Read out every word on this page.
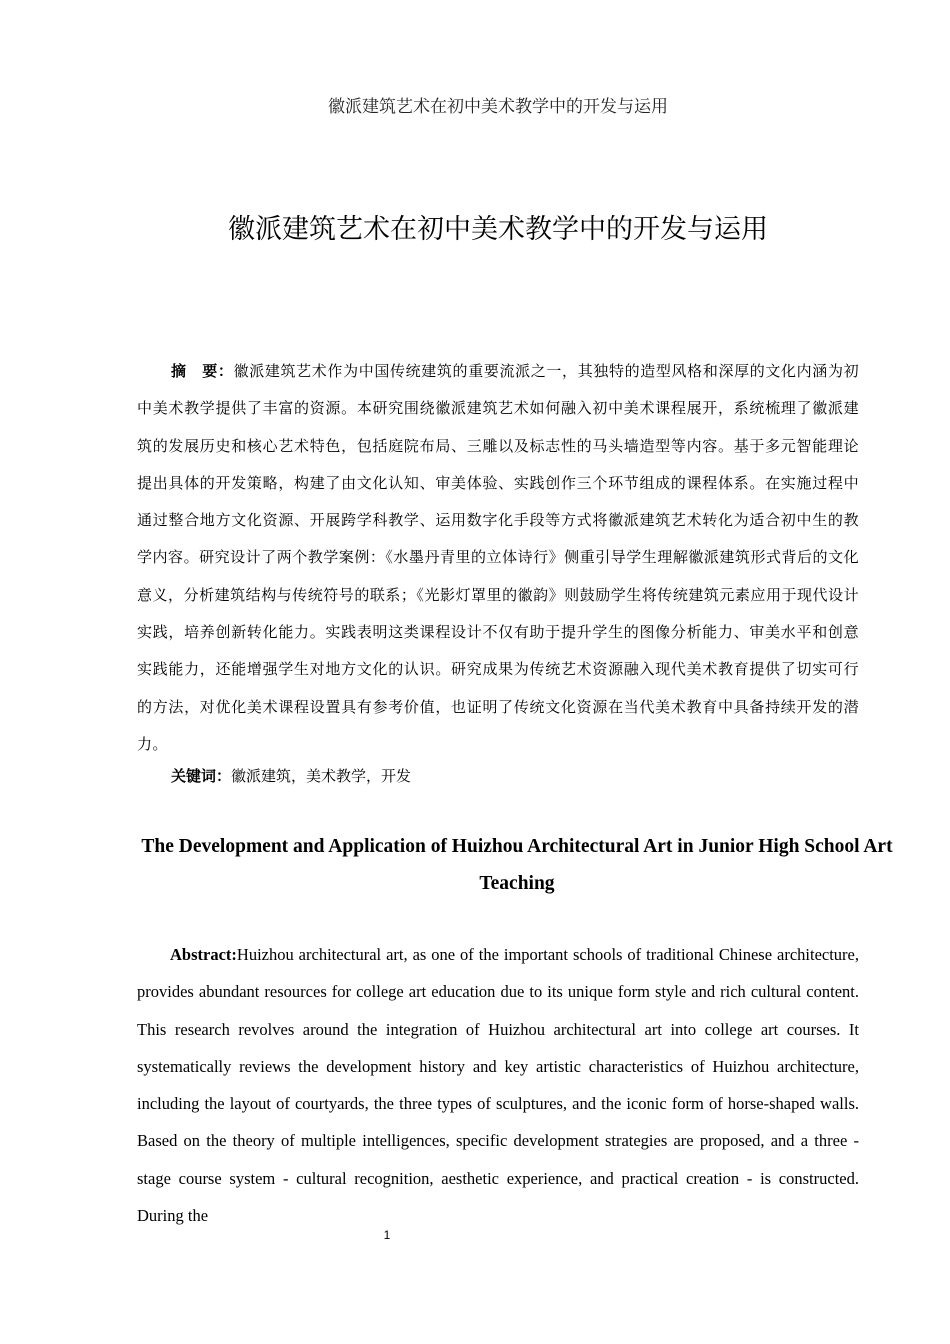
徽派建筑艺术在初中美术教学中的开发与运用
徽派建筑艺术在初中美术教学中的开发与运用

摘　要：徽派建筑艺术作为中国传统建筑的重要流派之一，其独特的造型风格和深厚的文化内涵为初中美术教学提供了丰富的资源。本研究围绕徽派建筑艺术如何融入初中美术课程展开，系统梳理了徽派建筑的发展历史和核心艺术特色，包括庭院布局、三雕以及标志性的马头墙造型等内容。基于多元智能理论提出具体的开发策略，构建了由文化认知、审美体验、实践创作三个环节组成的课程体系。在实施过程中通过整合地方文化资源、开展跨学科教学、运用数字化手段等方式将徽派建筑艺术转化为适合初中生的教学内容。研究设计了两个教学案例：《水墨丹青里的立体诗行》侧重引导学生理解徽派建筑形式背后的文化意义，分析建筑结构与传统符号的联系；《光影灯罩里的徽韵》则鼓励学生将传统建筑元素应用于现代设计实践，培养创新转化能力。实践表明这类课程设计不仅有助于提升学生的图像分析能力、审美水平和创意实践能力，还能增强学生对地方文化的认识。研究成果为传统艺术资源融入现代美术教育提供了切实可行的方法，对优化美术课程设置具有参考价值，也证明了传统文化资源在当代美术教育中具备持续开发的潜力。

关键词：徽派建筑，美术教学，开发

The Development and Application of Huizhou Architectural Art in Junior High School Art Teaching

Abstract:Huizhou architectural art, as one of the important schools of traditional Chinese architecture, provides abundant resources for college art education due to its unique form style and rich cultural content. This research revolves around the integration of Huizhou architectural art into college art courses. It systematically reviews the development history and key artistic characteristics of Huizhou architecture, including the layout of courtyards, the three types of sculptures, and the iconic form of horse-shaped walls. Based on the theory of multiple intelligences, specific development strategies are proposed, and a three - stage course system - cultural recognition, aesthetic experience, and practical creation - is constructed. During the

1
